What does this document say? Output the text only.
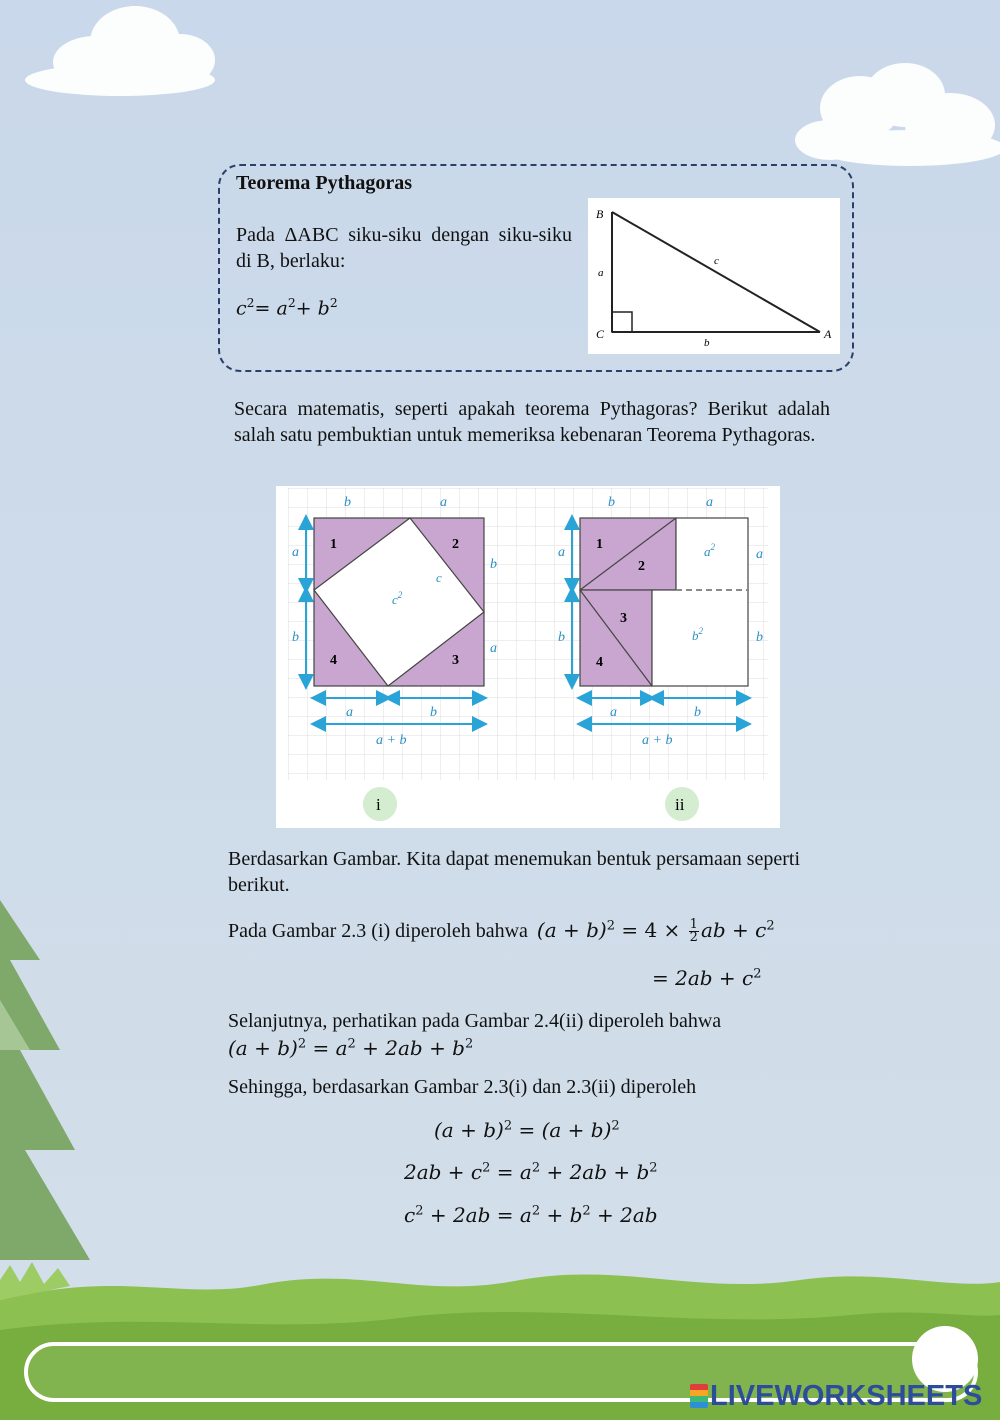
Teorema Pythagoras
Pada ΔABC siku-siku dengan siku-siku di B, berlaku:
$c^2= a^2+ b^2$
B
C	A
a
b
c
Secara matematis, seperti apakah teorema Pythagoras? Berikut adalah salah satu pembuktian untuk memeriksa kebenaran Teorema Pythagoras.
b	a
a
b
b
a
1	2
3
4
$c^2$
c
a	b
a + b
i
b	a
a
b
a
b
1
2
3
4
$a^2$
$b^2$
a	b
a + b
ii
Berdasarkan Gambar. Kita dapat menemukan bentuk persamaan seperti berikut.
Pada Gambar 2.3 (i) diperoleh bahwa $(a + b)^2 = 4 \times \frac{1}{2}$ ab + $c^2$
= $2ab + c^2$
Selanjutnya, perhatikan pada Gambar 2.4(ii) diperoleh bahwa
$(a + b)^2 = a^2 + 2ab + b^2$
Sehingga, berdasarkan Gambar 2.3(i) dan 2.3(ii) diperoleh
$(a + b)^2 = (a + b)^2$
$2ab + c^2 = a^2 + 2ab + b^2$
$c^2 + 2ab = a^2 + b^2 + 2ab$
LIVEWORKSHEETS
